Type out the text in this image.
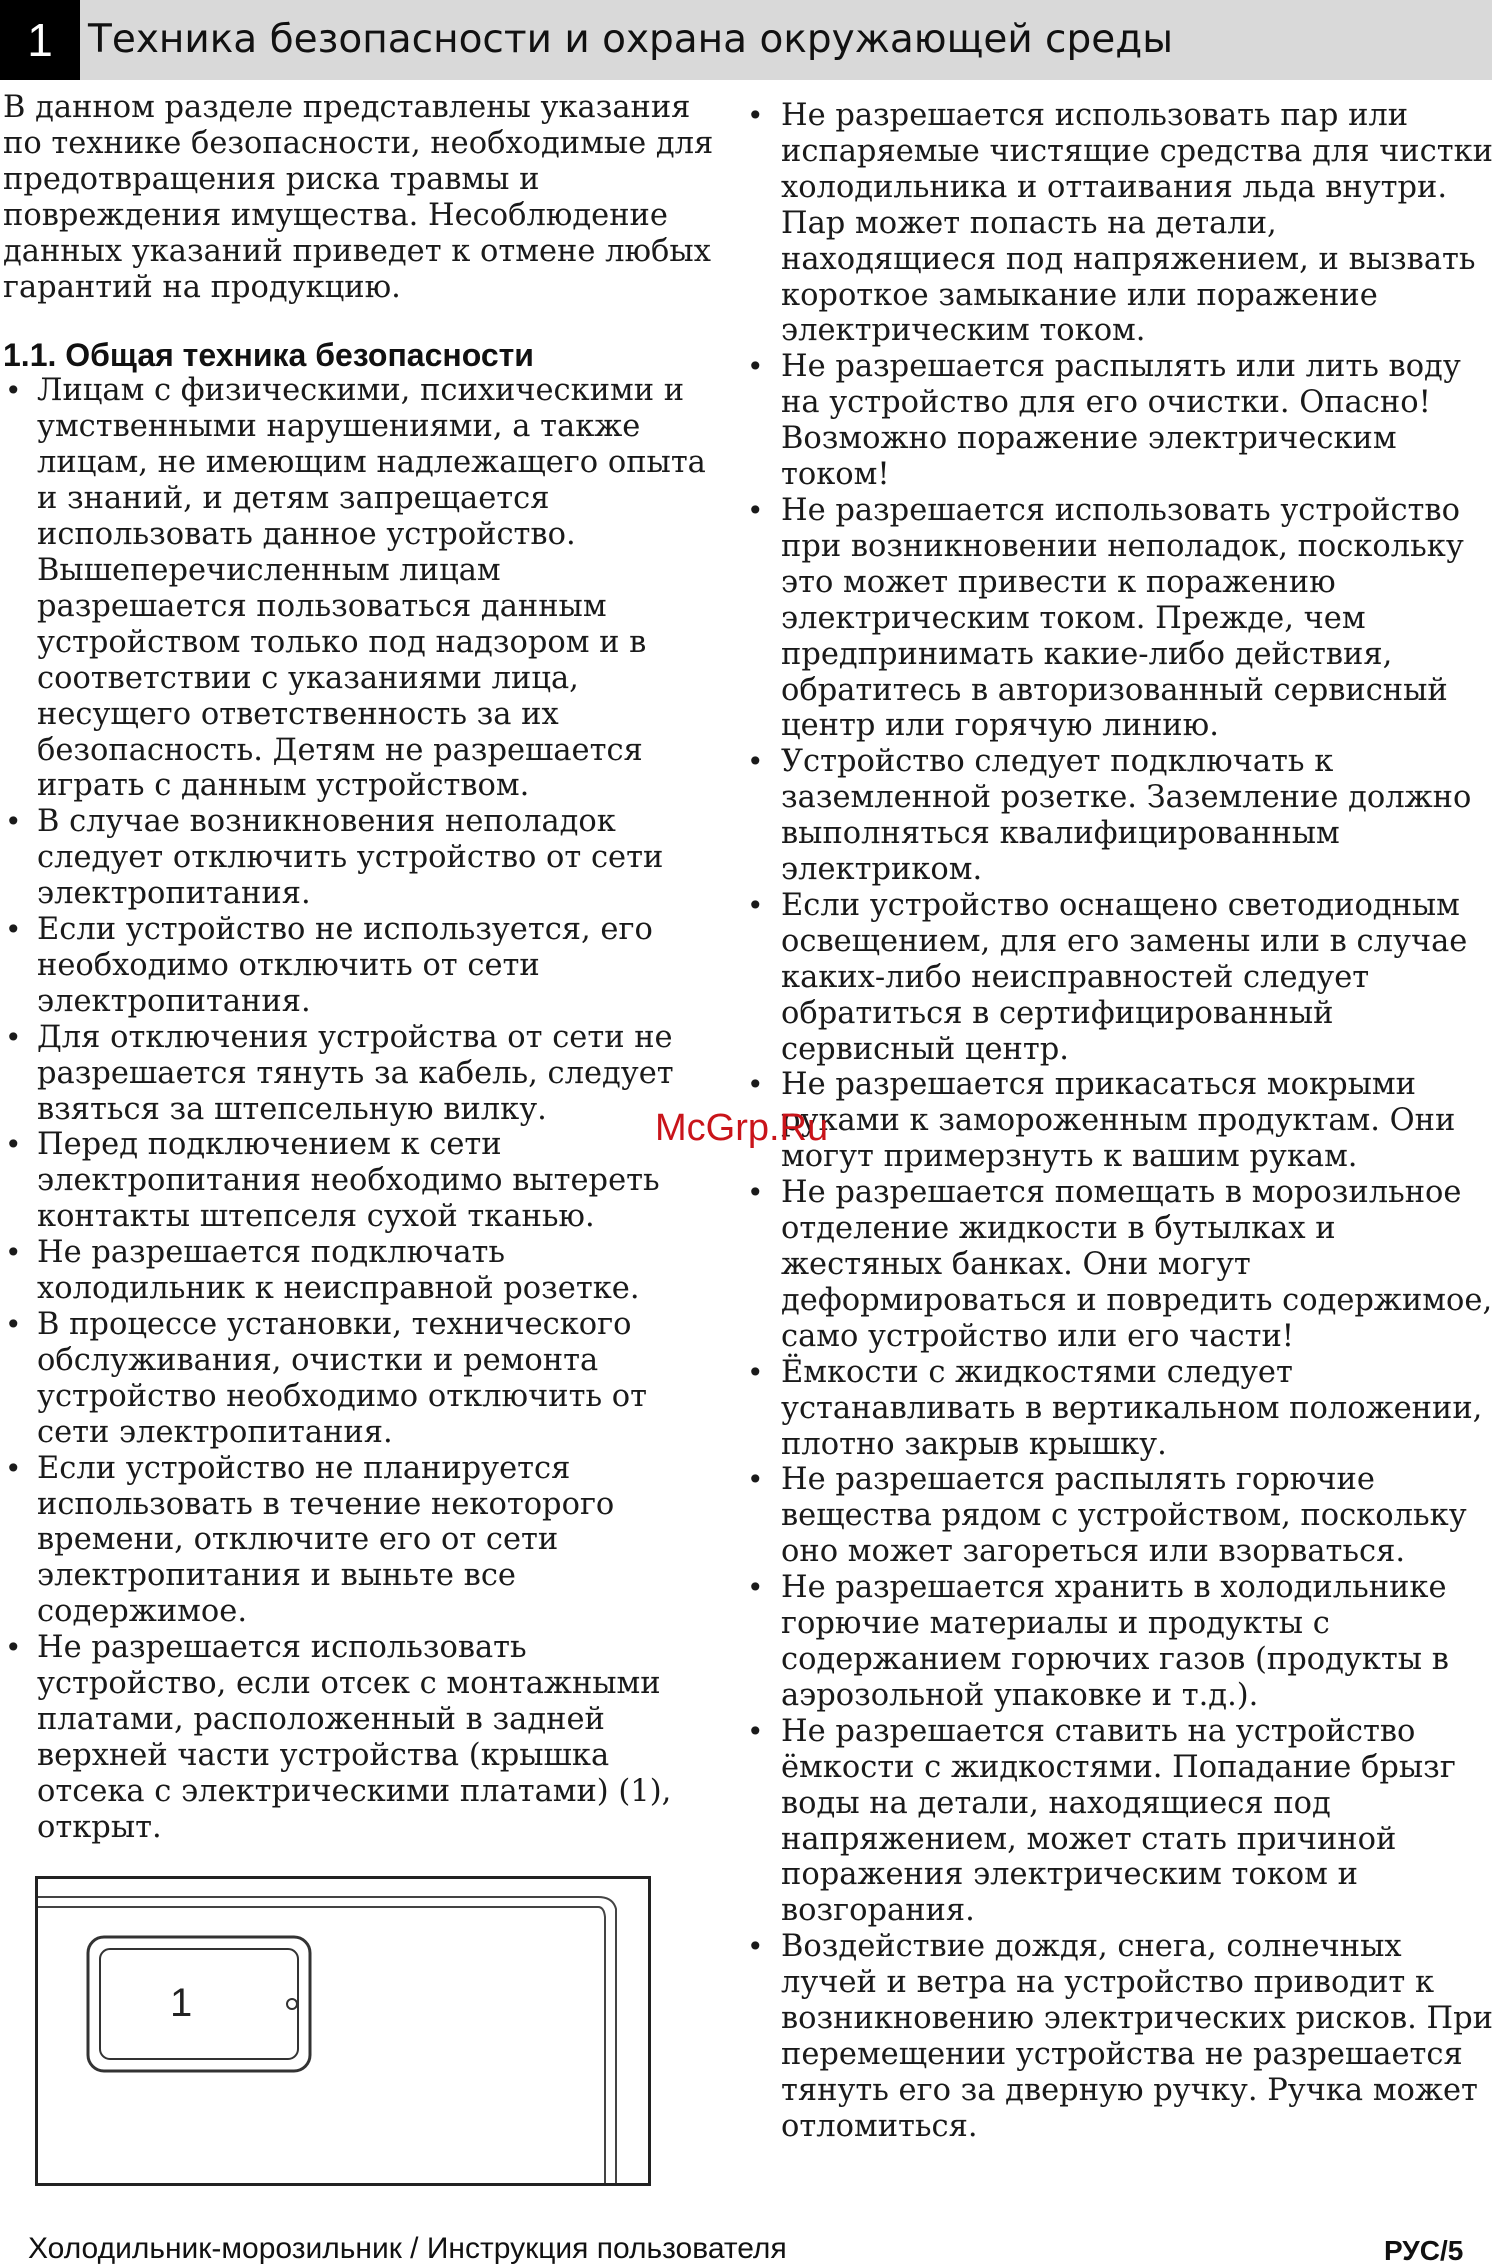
1 Техника безопасности и охрана окружающей среды

В данном разделе представлены указания по технике безопасности, необходимые для предотвращения риска травмы и повреждения имущества. Несоблюдение данных указаний приведет к отмене любых гарантий на продукцию.

1.1. Общая техника безопасности
• Лицам с физическими, психическими и умственными нарушениями, а также лицам, не имеющим надлежащего опыта и знаний, и детям запрещается использовать данное устройство. Вышеперечисленным лицам разрешается пользоваться данным устройством только под надзором и в соответствии с указаниями лица, несущего ответственность за их безопасность. Детям не разрешается играть с данным устройством.
• В случае возникновения неполадок следует отключить устройство от сети электропитания.
• Если устройство не используется, его необходимо отключить от сети электропитания.
• Для отключения устройства от сети не разрешается тянуть за кабель, следует взяться за штепсельную вилку.
• Перед подключением к сети электропитания необходимо вытереть контакты штепселя сухой тканью.
• Не разрешается подключать холодильник к неисправной розетке.
• В процессе установки, технического обслуживания, очистки и ремонта устройство необходимо отключить от сети электропитания.
• Если устройство не планируется использовать в течение некоторого времени, отключите его от сети электропитания и выньте все содержимое.
• Не разрешается использовать устройство, если отсек с монтажными платами, расположенный в задней верхней части устройства (крышка отсека с электрическими платами) (1), открыт.
1
• Не разрешается использовать пар или испаряемые чистящие средства для чистки холодильника и оттаивания льда внутри. Пар может попасть на детали, находящиеся под напряжением, и вызвать короткое замыкание или поражение электрическим током.
• Не разрешается распылять или лить воду на устройство для его очистки. Опасно! Возможно поражение электрическим током!
• Не разрешается использовать устройство при возникновении неполадок, поскольку это может привести к поражению электрическим током. Прежде, чем предпринимать какие-либо действия, обратитесь в авторизованный сервисный центр или горячую линию.
• Устройство следует подключать к заземленной розетке. Заземление должно выполняться квалифицированным электриком.
• Если устройство оснащено светодиодным освещением, для его замены или в случае каких-либо неисправностей следует обратиться в сертифицированный сервисный центр.
• Не разрешается прикасаться мокрыми руками к замороженным продуктам. Они могут примерзнуть к вашим рукам.
• Не разрешается помещать в морозильное отделение жидкости в бутылках и жестяных банках. Они могут деформироваться и повредить содержимое, само устройство или его части!
• Ёмкости с жидкостями следует устанавливать в вертикальном положении, плотно закрыв крышку.
• Не разрешается распылять горючие вещества рядом с устройством, поскольку оно может загореться или взорваться.
• Не разрешается хранить в холодильнике горючие материалы и продукты с содержанием горючих газов (продукты в аэрозольной упаковке и т.д.).
• Не разрешается ставить на устройство ёмкости с жидкостями. Попадание брызг воды на детали, находящиеся под напряжением, может стать причиной поражения электрическим током и возгорания.
• Воздействие дождя, снега, солнечных лучей и ветра на устройство приводит к возникновению электрических рисков. При перемещении устройства не разрешается тянуть его за дверную ручку. Ручка может отломиться.
McGrp.Ru
Холодильник-морозильник / Инструкция пользователя	РУС/5
